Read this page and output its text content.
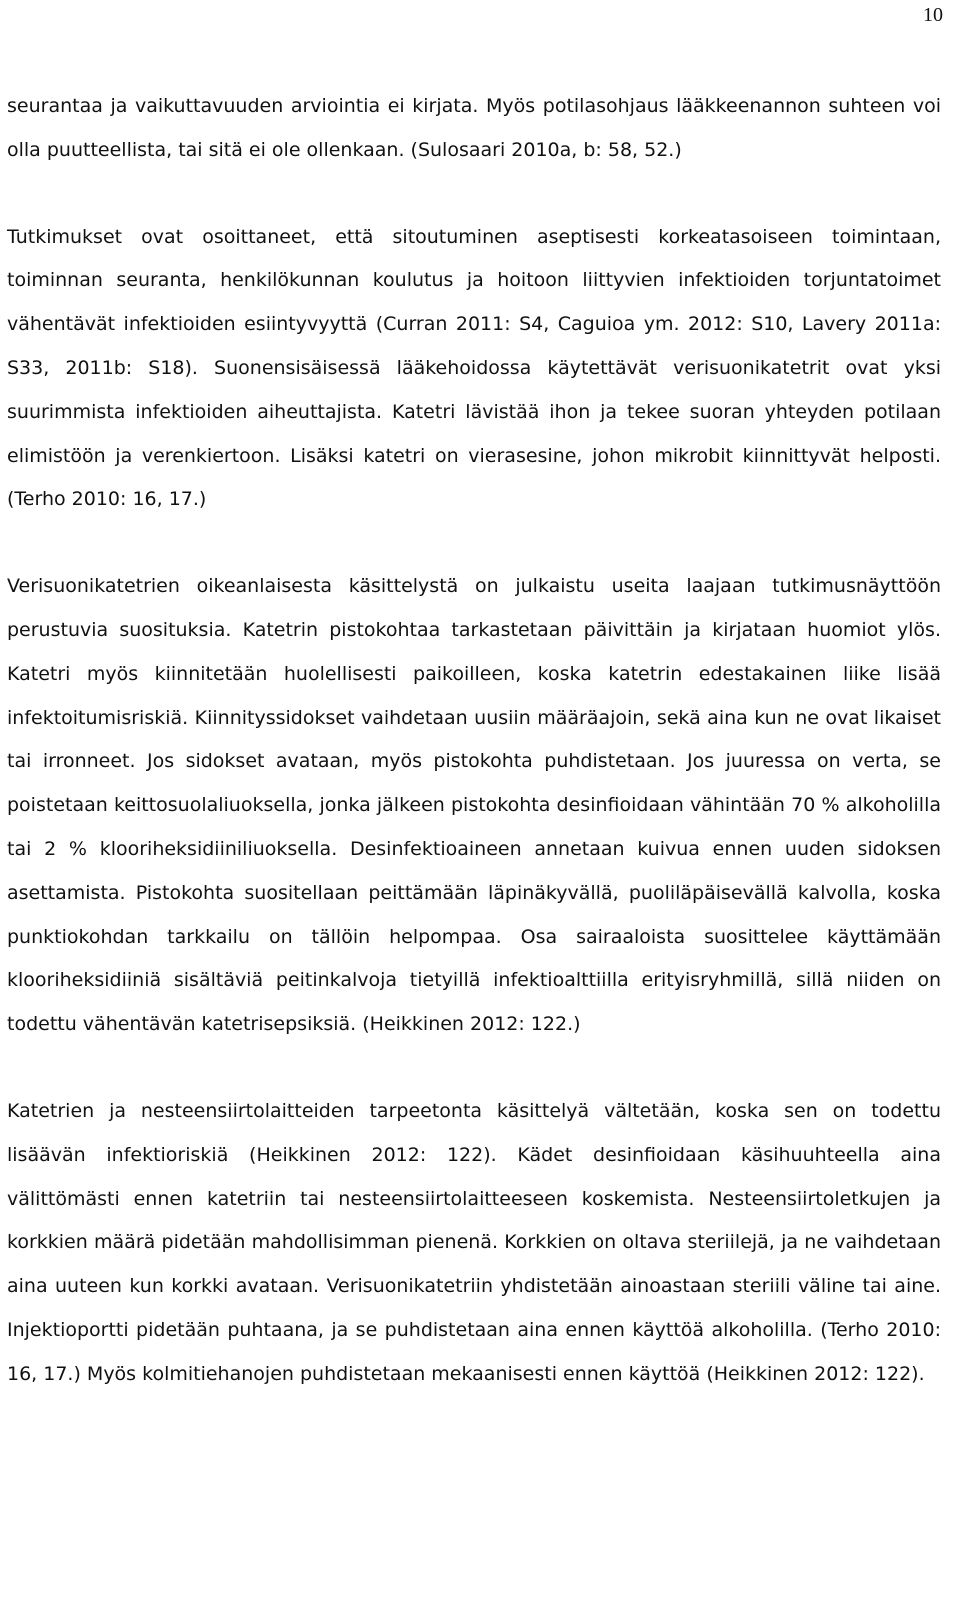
10

seurantaa ja vaikuttavuuden arviointia ei kirjata. Myös potilasohjaus lääkkeenannon suhteen voi olla puutteellista, tai sitä ei ole ollenkaan. (Sulosaari 2010a, b: 58, 52.)

Tutkimukset ovat osoittaneet, että sitoutuminen aseptisesti korkeatasoiseen toimintaan, toiminnan seuranta, henkilökunnan koulutus ja hoitoon liittyvien infektioiden torjuntatoimet vähentävät infektioiden esiintyvyyttä (Curran 2011: S4, Caguioa ym. 2012: S10, Lavery 2011a: S33, 2011b: S18). Suonensisäisessä lääkehoidossa käytettävät verisuonikatetrit ovat yksi suurimmista infektioiden aiheuttajista. Katetri lävistää ihon ja tekee suoran yhteyden potilaan elimistöön ja verenkiertoon. Lisäksi katetri on vierasesine, johon mikrobit kiinnittyvät helposti. (Terho 2010: 16, 17.)

Verisuonikatetrien oikeanlaisesta käsittelystä on julkaistu useita laajaan tutkimusnäyttöön perustuvia suosituksia. Katetrin pistokohtaa tarkastetaan päivittäin ja kirjataan huomiot ylös. Katetri myös kiinnitetään huolellisesti paikoilleen, koska katetrin edestakainen liike lisää infektoitumisriskiä. Kiinnityssidokset vaihdetaan uusiin määräajoin, sekä aina kun ne ovat likaiset tai irronneet. Jos sidokset avataan, myös pistokohta puhdistetaan. Jos juuressa on verta, se poistetaan keittosuolaliuoksella, jonka jälkeen pistokohta desinfioidaan vähintään 70 % alkoholilla tai 2 % klooriheksidiiniliuoksella. Desinfektioaineen annetaan kuivua ennen uuden sidoksen asettamista. Pistokohta suositellaan peittämään läpinäkyvällä, puoliläpäisevällä kalvolla, koska punktiokohdan tarkkailu on tällöin helpompaa. Osa sairaaloista suosittelee käyttämään klooriheksidiiniä sisältäviä peitinkalvoja tietyillä infektioalttiilla erityisryhmillä, sillä niiden on todettu vähentävän katetrisepsiksiä. (Heikkinen 2012: 122.)

Katetrien ja nesteensiirtolaitteiden tarpeetonta käsittelyä vältetään, koska sen on todettu lisäävän infektioriskiä (Heikkinen 2012: 122). Kädet desinfioidaan käsihuuhteella aina välittömästi ennen katetriin tai nesteensiirtolaitteeseen koskemista. Nesteensiirtoletkujen ja korkkien määrä pidetään mahdollisimman pienenä. Korkkien on oltava steriilejä, ja ne vaihdetaan aina uuteen kun korkki avataan. Verisuonikatetriin yhdistetään ainoastaan steriili väline tai aine. Injektioportti pidetään puhtaana, ja se puhdistetaan aina ennen käyttöä alkoholilla. (Terho 2010: 16, 17.) Myös kolmitiehanojen puhdistetaan mekaanisesti ennen käyttöä (Heikkinen 2012: 122).
